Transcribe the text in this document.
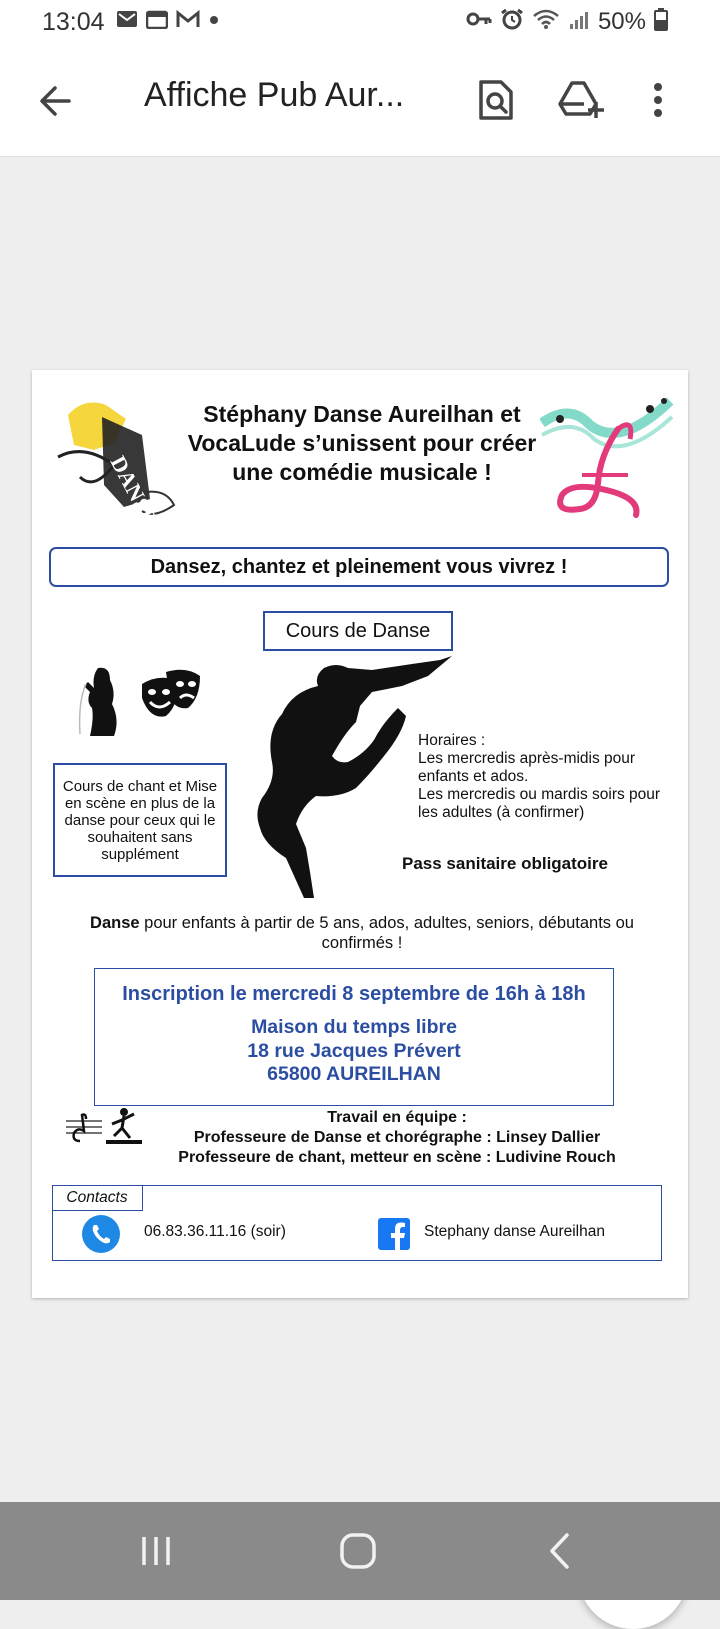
13:04	50%
Affiche Pub Aur...
DANSE
Stéphany Danse Aureilhan et VocaLude s’unissent pour créer une comédie musicale !
Dansez, chantez et pleinement vous vivrez !
Cours de Danse
Cours de chant et Mise en scène en plus de la danse pour ceux qui le souhaitent sans supplément
Horaires :
Les mercredis après-midis pour enfants et ados.
Les mercredis ou mardis soirs pour les adultes (à confirmer)
Pass sanitaire obligatoire
Danse pour enfants à partir de 5 ans, ados, adultes, seniors, débutants ou confirmés !
Inscription le mercredi 8 septembre de 16h à 18h
Maison du temps libre
18 rue Jacques Prévert
65800 AUREILHAN
Travail en équipe :
Professeure de Danse et chorégraphe : Linsey Dallier
Professeure de chant, metteur en scène : Ludivine Rouch
Contacts
06.83.36.11.16 (soir)	Stephany danse Aureilhan
